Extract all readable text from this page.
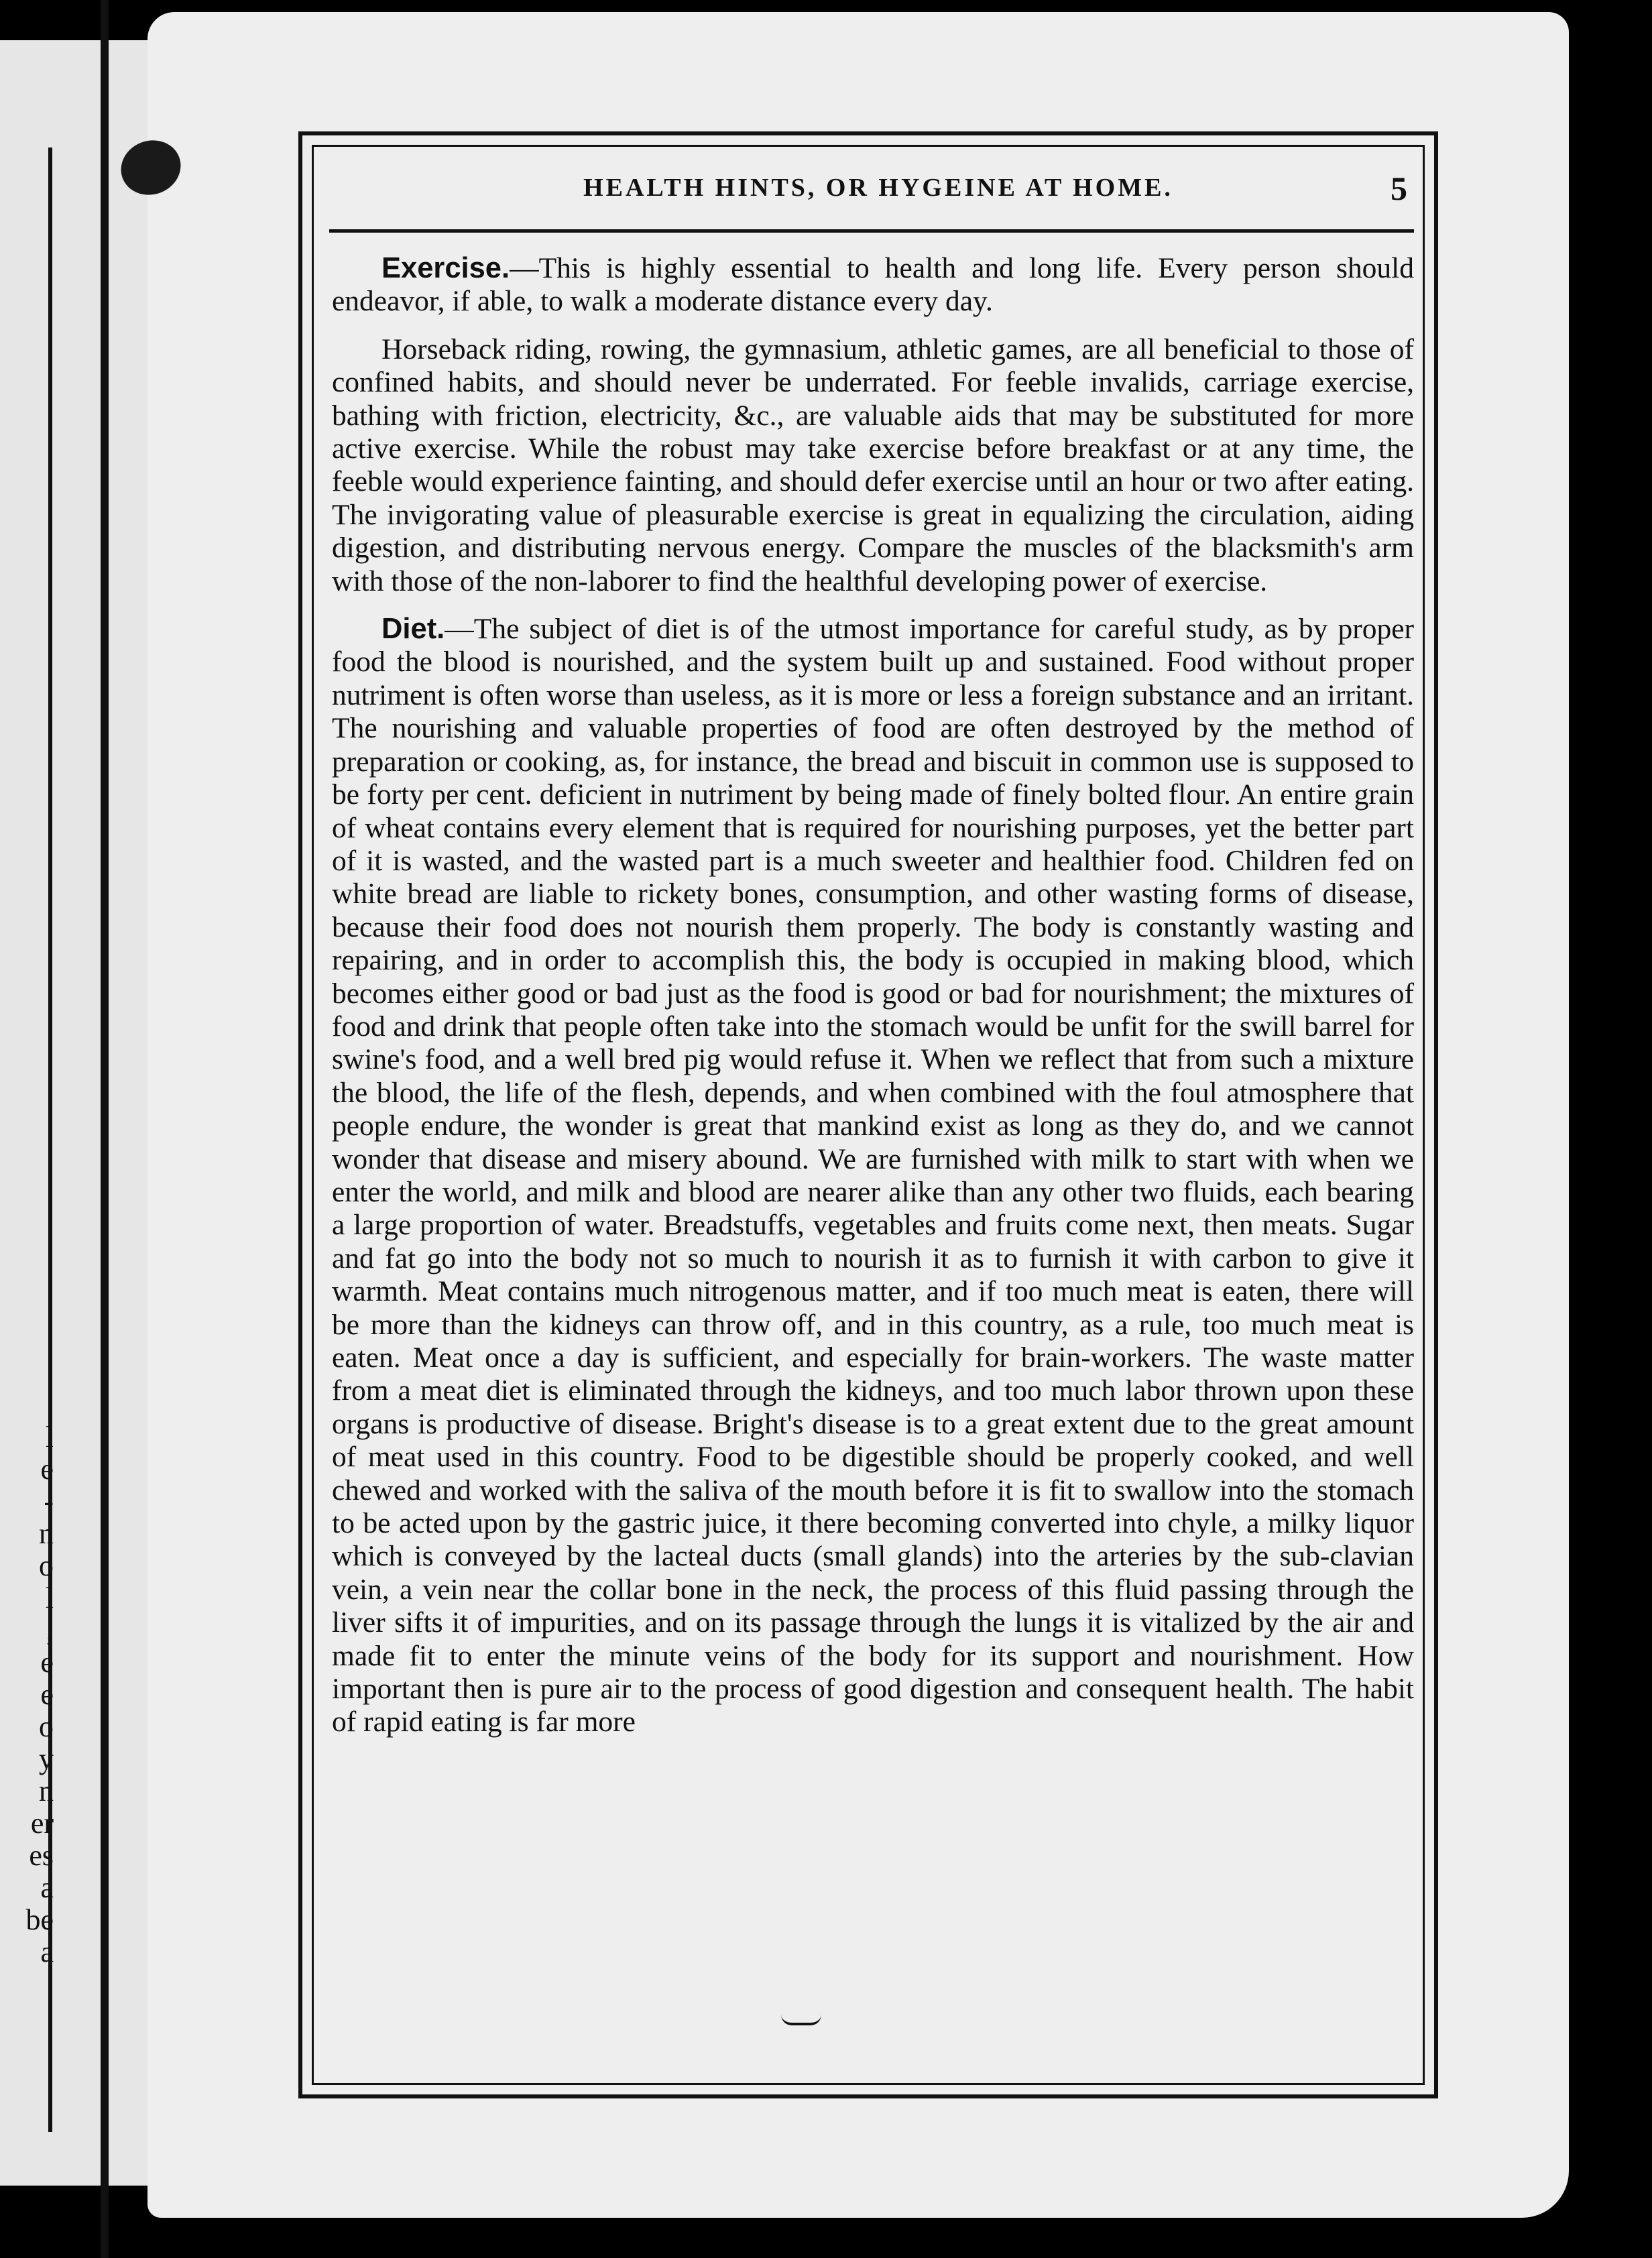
l
e
-
n
o
l
,
e
e
o
y
n
er
es
a
be
a
HEALTH HINTS, OR HYGEINE AT HOME.	5

Exercise.—This is highly essential to health and long life. Every person should endeavor, if able, to walk a moderate distance every day.

Horseback riding, rowing, the gymnasium, athletic games, are all beneficial to those of confined habits, and should never be underrated. For feeble invalids, carriage exercise, bathing with friction, electricity, &c., are valuable aids that may be substituted for more active exercise. While the robust may take exercise before breakfast or at any time, the feeble would experience fainting, and should defer exercise until an hour or two after eating. The invigorating value of pleasurable exercise is great in equalizing the circulation, aiding digestion, and distributing nervous energy. Compare the muscles of the blacksmith's arm with those of the non-laborer to find the healthful developing power of exercise.

Diet.—The subject of diet is of the utmost importance for careful study, as by proper food the blood is nourished, and the system built up and sustained. Food without proper nutriment is often worse than useless, as it is more or less a foreign substance and an irritant. The nourishing and valuable properties of food are often destroyed by the method of preparation or cooking, as, for instance, the bread and biscuit in common use is supposed to be forty per cent. deficient in nutriment by being made of finely bolted flour. An entire grain of wheat contains every element that is required for nourishing purposes, yet the better part of it is wasted, and the wasted part is a much sweeter and healthier food. Children fed on white bread are liable to rickety bones, consumption, and other wasting forms of disease, because their food does not nourish them properly. The body is constantly wasting and repairing, and in order to accomplish this, the body is occupied in making blood, which becomes either good or bad just as the food is good or bad for nourishment; the mixtures of food and drink that people often take into the stomach would be unfit for the swill barrel for swine's food, and a well bred pig would refuse it. When we reflect that from such a mixture the blood, the life of the flesh, depends, and when combined with the foul atmosphere that people endure, the wonder is great that mankind exist as long as they do, and we cannot wonder that disease and misery abound. We are furnished with milk to start with when we enter the world, and milk and blood are nearer alike than any other two fluids, each bearing a large proportion of water. Breadstuffs, vegetables and fruits come next, then meats. Sugar and fat go into the body not so much to nourish it as to furnish it with carbon to give it warmth. Meat contains much nitrogenous matter, and if too much meat is eaten, there will be more than the kidneys can throw off, and in this country, as a rule, too much meat is eaten. Meat once a day is sufficient, and especially for brain-workers. The waste matter from a meat diet is eliminated through the kidneys, and too much labor thrown upon these organs is productive of disease. Bright's disease is to a great extent due to the great amount of meat used in this country. Food to be digestible should be properly cooked, and well chewed and worked with the saliva of the mouth before it is fit to swallow into the stomach to be acted upon by the gastric juice, it there becoming converted into chyle, a milky liquor which is conveyed by the lacteal ducts (small glands) into the arteries by the sub-clavian vein, a vein near the collar bone in the neck, the process of this fluid passing through the liver sifts it of impurities, and on its passage through the lungs it is vitalized by the air and made fit to enter the minute veins of the body for its support and nourishment. How important then is pure air to the process of good digestion and consequent health. The habit of rapid eating is far more
